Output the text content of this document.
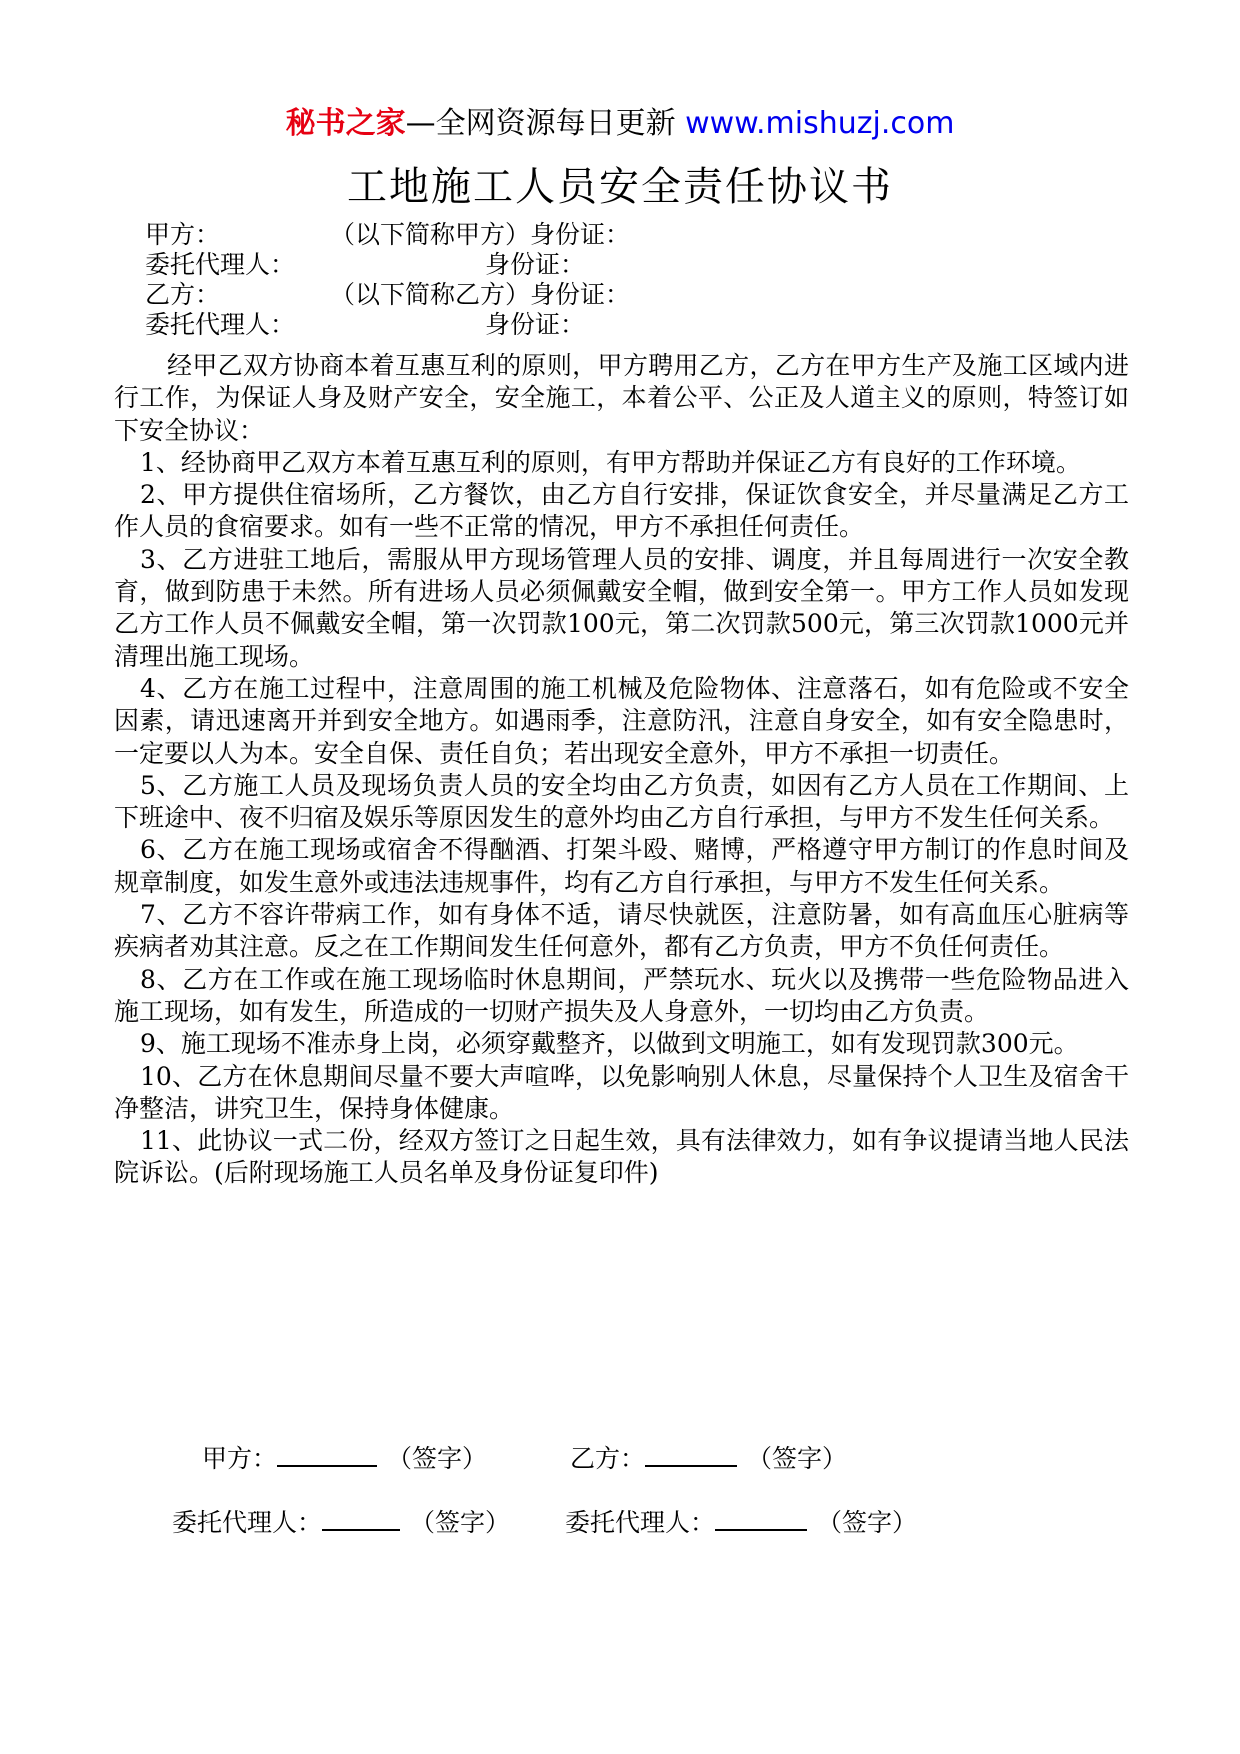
秘书之家—全网资源每日更新 www.mishuzj.com
工地施工人员安全责任协议书
甲方：	（以下简称甲方）身份证：
委托代理人：	身份证：
乙方：	（以下简称乙方）身份证：
委托代理人：	身份证：

经甲乙双方协商本着互惠互利的原则，甲方聘用乙方，乙方在甲方生产及施工区域内进行工作，为保证人身及财产安全，安全施工，本着公平、公正及人道主义的原则，特签订如下安全协议：

1、经协商甲乙双方本着互惠互利的原则，有甲方帮助并保证乙方有良好的工作环境。

2、甲方提供住宿场所，乙方餐饮，由乙方自行安排，保证饮食安全，并尽量满足乙方工作人员的食宿要求。如有一些不正常的情况，甲方不承担任何责任。

3、乙方进驻工地后，需服从甲方现场管理人员的安排、调度，并且每周进行一次安全教育，做到防患于未然。所有进场人员必须佩戴安全帽，做到安全第一。甲方工作人员如发现乙方工作人员不佩戴安全帽，第一次罚款100元，第二次罚款500元，第三次罚款1000元并清理出施工现场。

4、乙方在施工过程中，注意周围的施工机械及危险物体、注意落石，如有危险或不安全因素，请迅速离开并到安全地方。如遇雨季，注意防汛，注意自身安全，如有安全隐患时，一定要以人为本。安全自保、责任自负；若出现安全意外，甲方不承担一切责任。

5、乙方施工人员及现场负责人员的安全均由乙方负责，如因有乙方人员在工作期间、上下班途中、夜不归宿及娱乐等原因发生的意外均由乙方自行承担，与甲方不发生任何关系。

6、乙方在施工现场或宿舍不得酗酒、打架斗殴、赌博，严格遵守甲方制订的作息时间及规章制度，如发生意外或违法违规事件，均有乙方自行承担，与甲方不发生任何关系。

7、乙方不容许带病工作，如有身体不适，请尽快就医，注意防暑，如有高血压心脏病等疾病者劝其注意。反之在工作期间发生任何意外，都有乙方负责，甲方不负任何责任。

8、乙方在工作或在施工现场临时休息期间，严禁玩水、玩火以及携带一些危险物品进入施工现场，如有发生，所造成的一切财产损失及人身意外，一切均由乙方负责。

9、施工现场不准赤身上岗，必须穿戴整齐，以做到文明施工，如有发现罚款300元。

10、乙方在休息期间尽量不要大声喧哗，以免影响别人休息，尽量保持个人卫生及宿舍干净整洁，讲究卫生，保持身体健康。

11、此协议一式二份，经双方签订之日起生效，具有法律效力，如有争议提请当地人民法院诉讼。(后附现场施工人员名单及身份证复印件)

甲方：	（签字）	乙方：	（签字）
委托代理人：	（签字） 委托代理人：	（签字）
